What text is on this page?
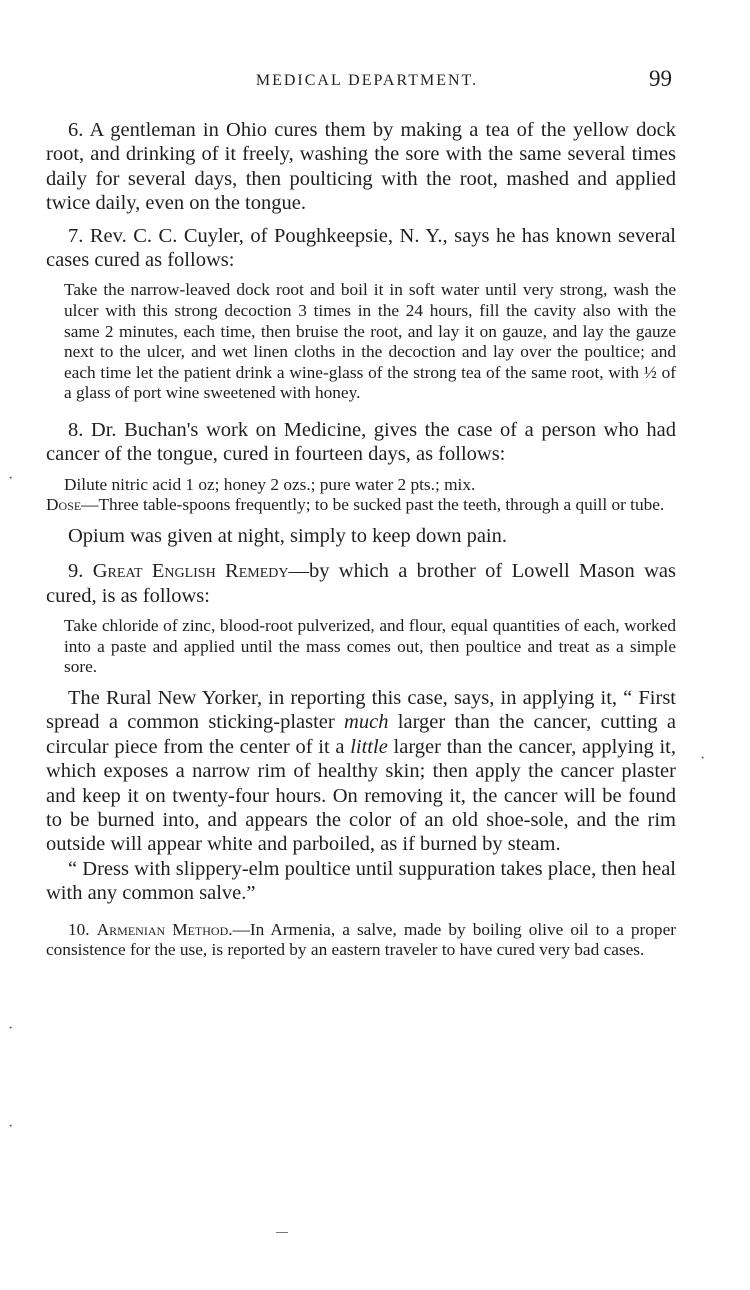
MEDICAL DEPARTMENT.	99

6. A gentleman in Ohio cures them by making a tea of the yellow dock root, and drinking of it freely, washing the sore with the same several times daily for several days, then poulticing with the root, mashed and applied twice daily, even on the tongue.

7. Rev. C. C. Cuyler, of Poughkeepsie, N. Y., says he has known several cases cured as follows:

Take the narrow-leaved dock root and boil it in soft water until very strong, wash the ulcer with this strong decoction 3 times in the 24 hours, fill the cavity also with the same 2 minutes, each time, then bruise the root, and lay it on gauze, and lay the gauze next to the ulcer, and wet linen cloths in the decoction and lay over the poultice; and each time let the patient drink a wine-glass of the strong tea of the same root, with ½ of a glass of port wine sweetened with honey.

8. Dr. Buchan's work on Medicine, gives the case of a person who had cancer of the tongue, cured in fourteen days, as follows:

Dilute nitric acid 1 oz; honey 2 ozs.; pure water 2 pts.; mix.

Dose—Three table-spoons frequently; to be sucked past the teeth, through a quill or tube.

Opium was given at night, simply to keep down pain.

9. Great English Remedy—by which a brother of Lowell Mason was cured, is as follows:

Take chloride of zinc, blood-root pulverized, and flour, equal quantities of each, worked into a paste and applied until the mass comes out, then poultice and treat as a simple sore.

The Rural New Yorker, in reporting this case, says, in applying it, “ First spread a common sticking-plaster much larger than the cancer, cutting a circular piece from the center of it a little larger than the cancer, applying it, which exposes a narrow rim of healthy skin; then apply the cancer plaster and keep it on twenty-four hours. On removing it, the cancer will be found to be burned into, and appears the color of an old shoe-sole, and the rim outside will appear white and parboiled, as if burned by steam.

“ Dress with slippery-elm poultice until suppuration takes place, then heal with any common salve.”

10. Armenian Method.—In Armenia, a salve, made by boiling olive oil to a proper consistence for the use, is reported by an eastern traveler to have cured very bad cases.

·
·
·
·
